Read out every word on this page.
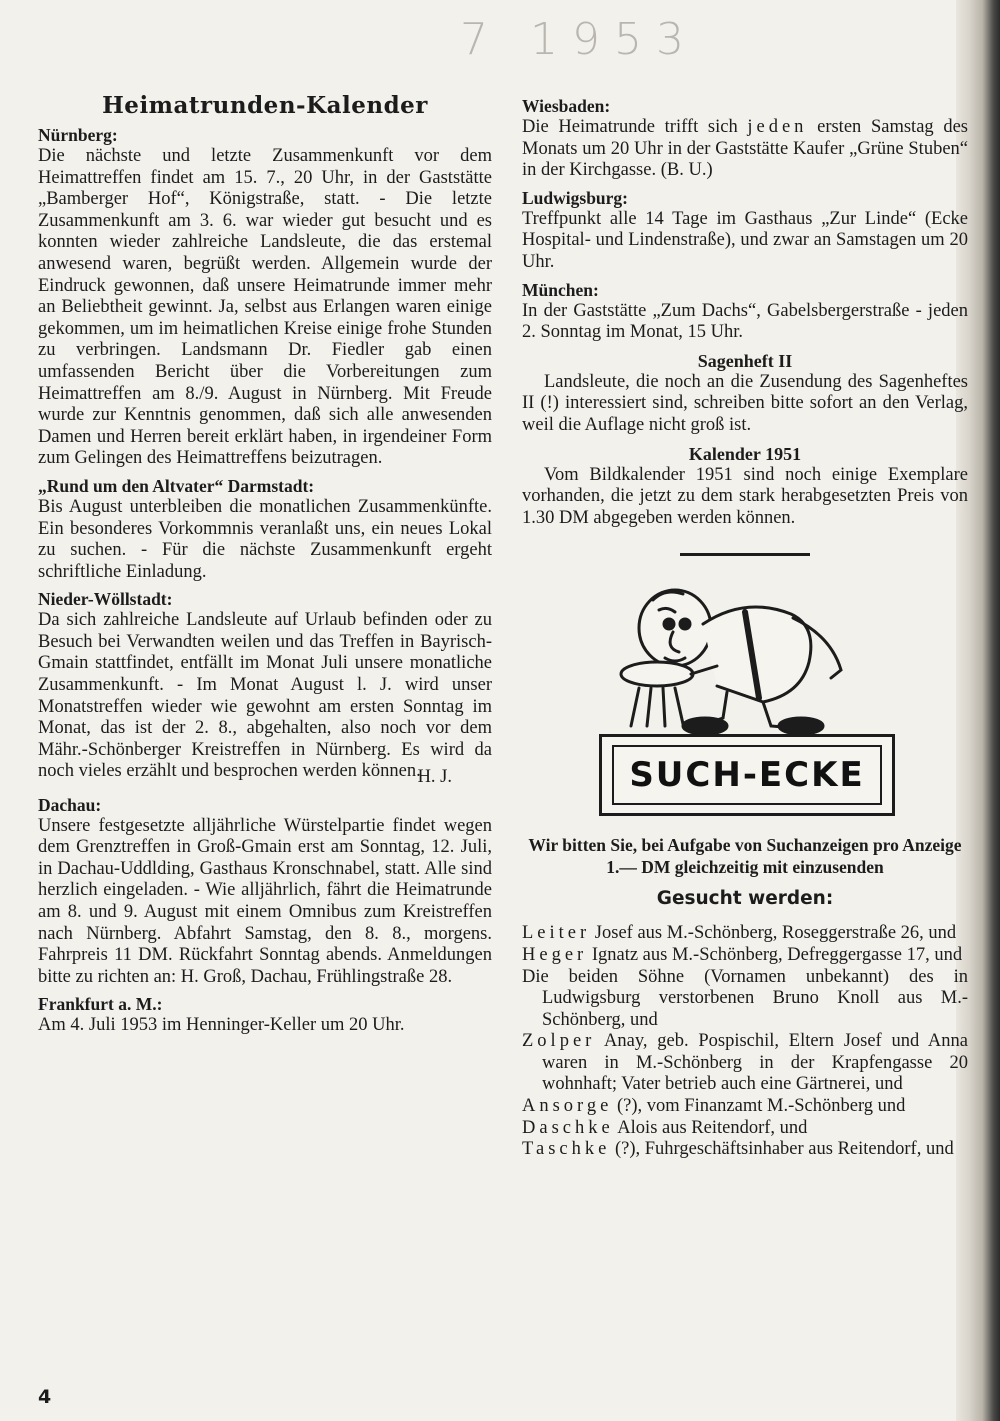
7 1953
Heimatrunden-Kalender
Nürnberg:

Die nächste und letzte Zusammenkunft vor dem Heimattreffen findet am 15. 7., 20 Uhr, in der Gaststätte „Bamberger Hof“, Königstraße, statt. - Die letzte Zusammenkunft am 3. 6. war wieder gut besucht und es konnten wieder zahlreiche Landsleute, die das erstemal anwesend waren, begrüßt werden. Allgemein wurde der Eindruck gewonnen, daß unsere Heimatrunde immer mehr an Beliebtheit gewinnt. Ja, selbst aus Erlangen waren einige gekommen, um im heimatlichen Kreise einige frohe Stunden zu verbringen. Landsmann Dr. Fiedler gab einen umfassenden Bericht über die Vorbereitungen zum Heimattreffen am 8./9. August in Nürnberg. Mit Freude wurde zur Kenntnis genommen, daß sich alle anwesenden Damen und Herren bereit erklärt haben, in irgendeiner Form zum Gelingen des Heimattreffens beizutragen.

„Rund um den Altvater“ Darmstadt:

Bis August unterbleiben die monatlichen Zusammenkünfte. Ein besonderes Vorkommnis veranlaßt uns, ein neues Lokal zu suchen. - Für die nächste Zusammenkunft ergeht schriftliche Einladung.

Nieder-Wöllstadt:

Da sich zahlreiche Landsleute auf Urlaub befinden oder zu Besuch bei Verwandten weilen und das Treffen in Bayrisch-Gmain stattfindet, entfällt im Monat Juli unsere monatliche Zusammenkunft. - Im Monat August l. J. wird unser Monatstreffen wieder wie gewohnt am ersten Sonntag im Monat, das ist der 2. 8., abgehalten, also noch vor dem Mähr.-Schönberger Kreistreffen in Nürnberg. Es wird da noch vieles erzählt und besprochen werden können.

H. J.

Dachau:

Unsere festgesetzte alljährliche Würstelpartie findet wegen dem Grenztreffen in Groß-Gmain erst am Sonntag, 12. Juli, in Dachau-Uddlding, Gasthaus Kronschnabel, statt. Alle sind herzlich eingeladen. - Wie alljährlich, fährt die Heimatrunde am 8. und 9. August mit einem Omnibus zum Kreistreffen nach Nürnberg. Abfahrt Samstag, den 8. 8., morgens. Fahrpreis 11 DM. Rückfahrt Sonntag abends. Anmeldungen bitte zu richten an: H. Groß, Dachau, Frühlingstraße 28.

Frankfurt a. M.:

Am 4. Juli 1953 im Henninger-Keller um 20 Uhr.

Wiesbaden:

Die Heimatrunde trifft sich jeden ersten Samstag des Monats um 20 Uhr in der Gaststätte Kaufer „Grüne Stuben“ in der Kirchgasse. (B. U.)

Ludwigsburg:

Treffpunkt alle 14 Tage im Gasthaus „Zur Linde“ (Ecke Hospital- und Lindenstraße), und zwar an Samstagen um 20 Uhr.

München:

In der Gaststätte „Zum Dachs“, Gabelsbergerstraße - jeden 2. Sonntag im Monat, 15 Uhr.

Sagenheft II

Landsleute, die noch an die Zusendung des Sagenheftes II (!) interessiert sind, schreiben bitte sofort an den Verlag, weil die Auflage nicht groß ist.

Kalender 1951

Vom Bildkalender 1951 sind noch einige Exemplare vorhanden, die jetzt zu dem stark herabgesetzten Preis von 1.30 DM abgegeben werden können.

SUCH-ECKE

Wir bitten Sie, bei Aufgabe von Suchanzeigen pro Anzeige 1.— DM gleichzeitig mit einzusenden

Gesucht werden:

Leiter Josef aus M.-Schönberg, Roseggerstraße 26, und

Heger Ignatz aus M.-Schönberg, Defreggergasse 17, und

Die beiden Söhne (Vornamen unbekannt) des in Ludwigsburg verstorbenen Bruno Knoll aus M.-Schönberg, und

Zolper Anay, geb. Pospischil, Eltern Josef und Anna waren in M.-Schönberg in der Krapfengasse 20 wohnhaft; Vater betrieb auch eine Gärtnerei, und

Ansorge (?), vom Finanzamt M.-Schönberg und

Daschke Alois aus Reitendorf, und

Taschke (?), Fuhrgeschäftsinhaber aus Reitendorf, und

4
